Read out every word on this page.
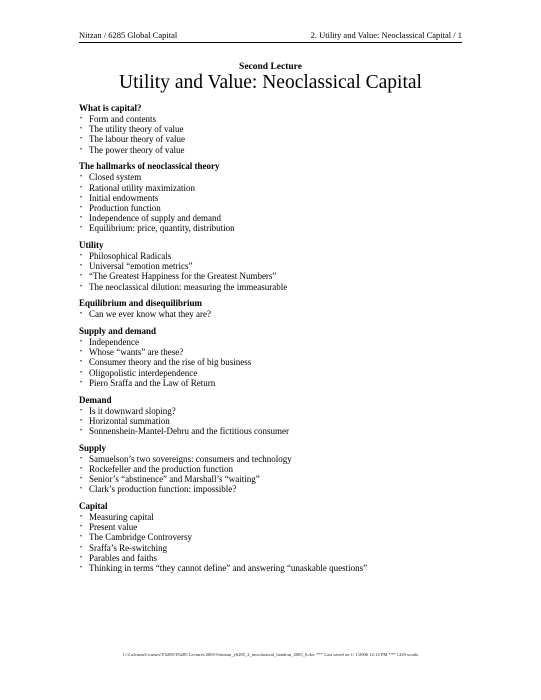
Nitzan / 6285 Global Capital	2. Utility and Value: Neoclassical Capital / 1
Second Lecture
Utility and Value: Neoclassical Capital
What is capital?
• Form and contents
• The utility theory of value
• The labour theory of value
• The power theory of value
The hallmarks of neoclassical theory
• Closed system
• Rational utility maximization
• Initial endowments
• Production function
• Independence of supply and demand
• Equilibrium: price, quantity, distribution
Utility
• Philosophical Radicals
• Universal “emotion metrics”
• “The Greatest Happiness for the Greatest Numbers”
• The neoclassical dilution: measuring the immeasurable
Equilibrium and disequilibrium
• Can we ever know what they are?
Supply and demand
• Independence
• Whose “wants” are these?
• Consumer theory and the rise of big business
• Oligopolistic interdependence
• Piero Sraffa and the Law of Return
Demand
• Is it downward sloping?
• Horizontal summation
• Sonnenshein-Mantel-Debru and the fictitious consumer
Supply
• Samuelson’s two sovereigns: consumers and technology
• Rockefeller and the production function
• Senior’s “abstinence” and Marshall’s “waiting”
• Clark’s production function: impossible?
Capital
• Measuring capital
• Present value
• The Cambridge Controversy
• Sraffa’s Re-switching
• Parables and faiths
• Thinking in terms “they cannot define” and answering “unaskable questions”
C:\Calcium\Courses\Y6285\Y6285 Lectures 2005-6\nitzan_y6285_2_neoclassical_handout_2005_6.doc *** Last saved on 1/ 1/2006 12:14 PM *** 1229 words
